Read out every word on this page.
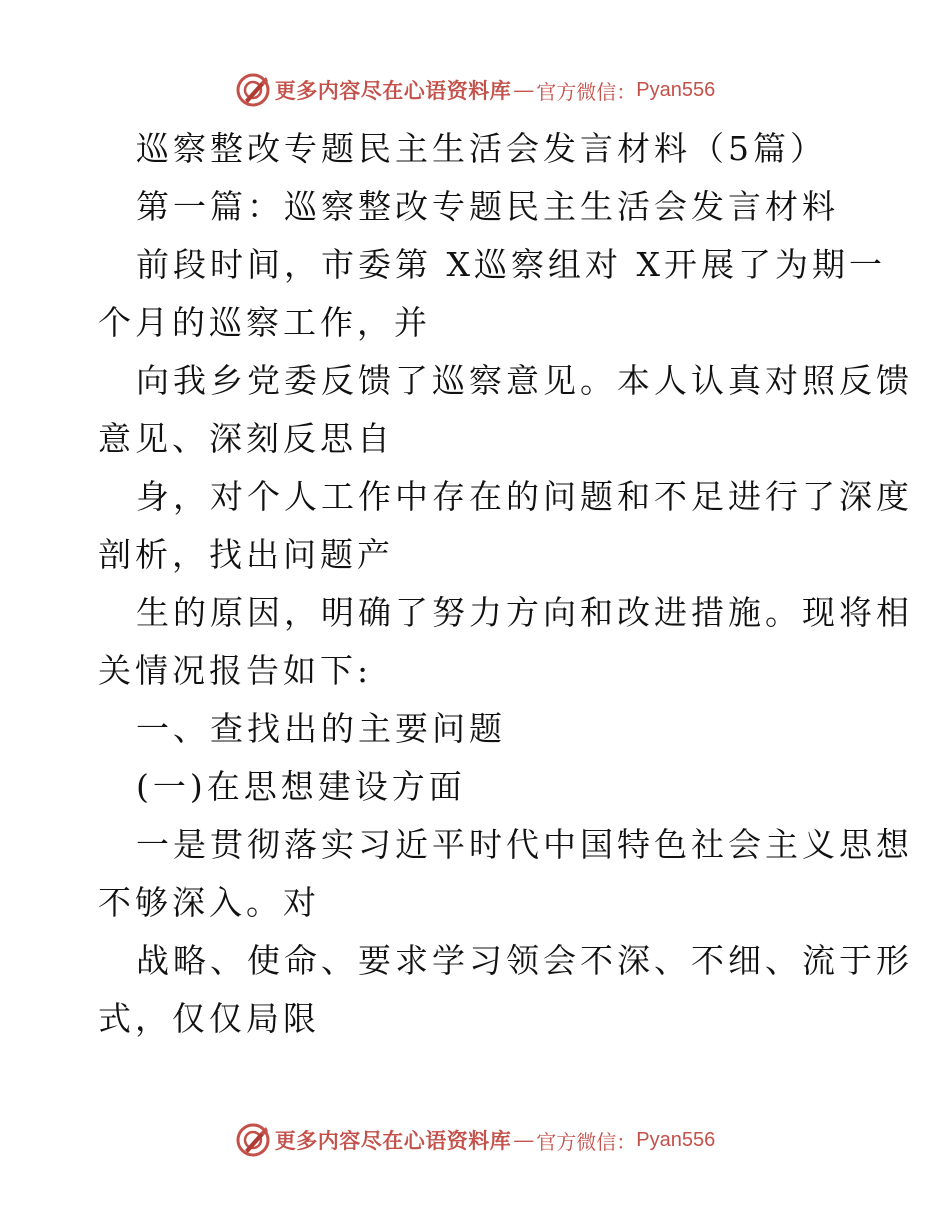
更多内容尽在心语资料库 — 官方微信： Pyan556
巡察整改专题民主生活会发言材料（5篇）
第一篇：巡察整改专题民主生活会发言材料
前段时间，市委第 X巡察组对 X开展了为期一
个月的巡察工作，并
向我乡党委反馈了巡察意见。本人认真对照反馈
意见、深刻反思自
身，对个人工作中存在的问题和不足进行了深度
剖析，找出问题产
生的原因，明确了努力方向和改进措施。现将相
关情况报告如下:
一、查找出的主要问题
(一)在思想建设方面
一是贯彻落实习近平时代中国特色社会主义思想
不够深入。对
战略、使命、要求学习领会不深、不细、流于形
式，仅仅局限
更多内容尽在心语资料库 — 官方微信： Pyan556
